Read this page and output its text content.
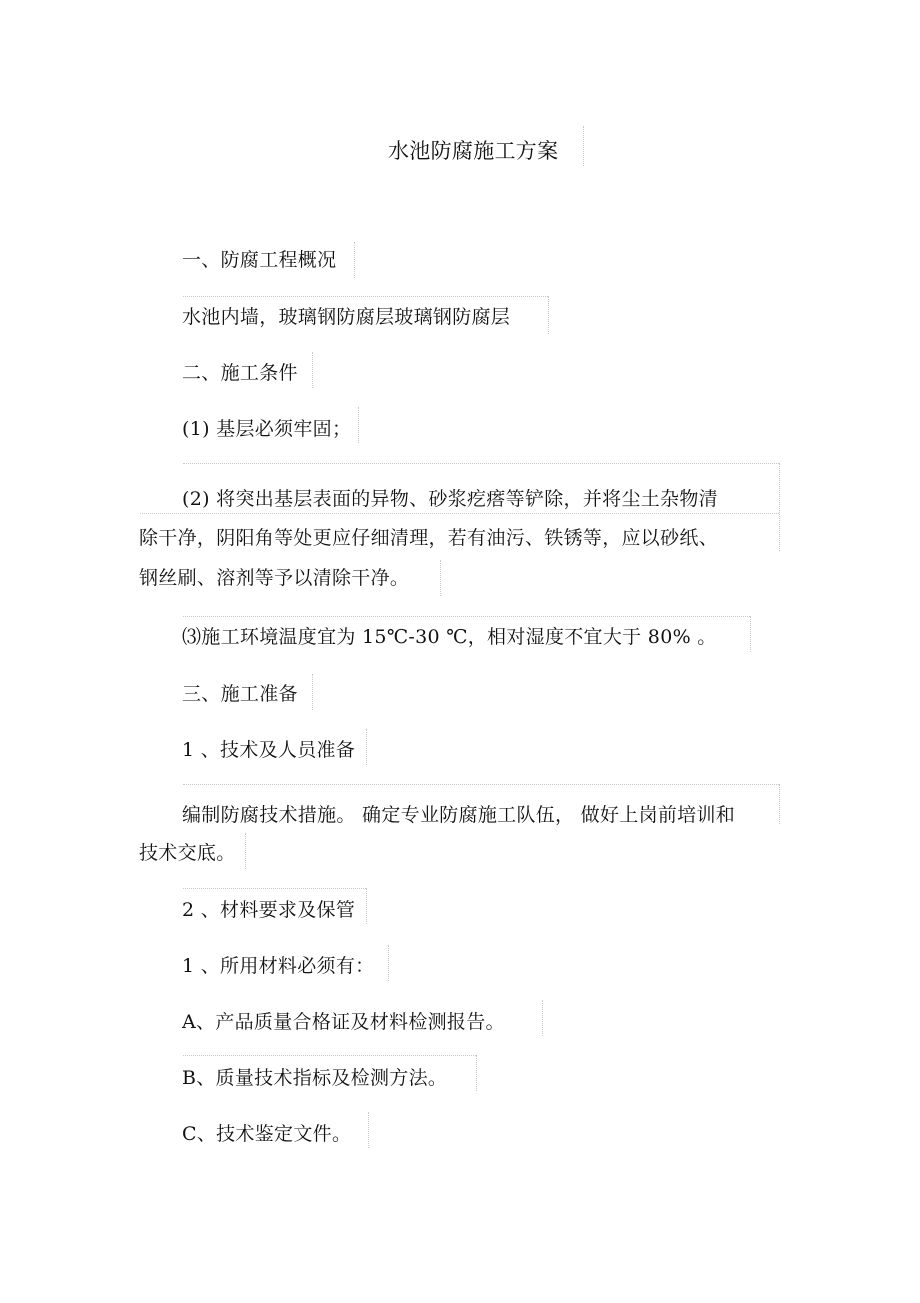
水池防腐施工方案
一、防腐工程概况
水池内墙，玻璃钢防腐层玻璃钢防腐层
二、施工条件
(1) 基层必须牢固；
(2) 将突出基层表面的异物、砂浆疙瘩等铲除，并将尘土杂物清
除干净，阴阳角等处更应仔细清理，若有油污、铁锈等，应以砂纸、
钢丝刷、溶剂等予以清除干净。
⑶施工环境温度宜为 15℃-30 ℃，相对湿度不宜大于 80% 。
三、施工准备
1 、技术及人员准备
编制防腐技术措施。 确定专业防腐施工队伍， 做好上岗前培训和
技术交底。
2 、材料要求及保管
1 、所用材料必须有：
A、产品质量合格证及材料检测报告。
B、质量技术指标及检测方法。
C、技术鉴定文件。
